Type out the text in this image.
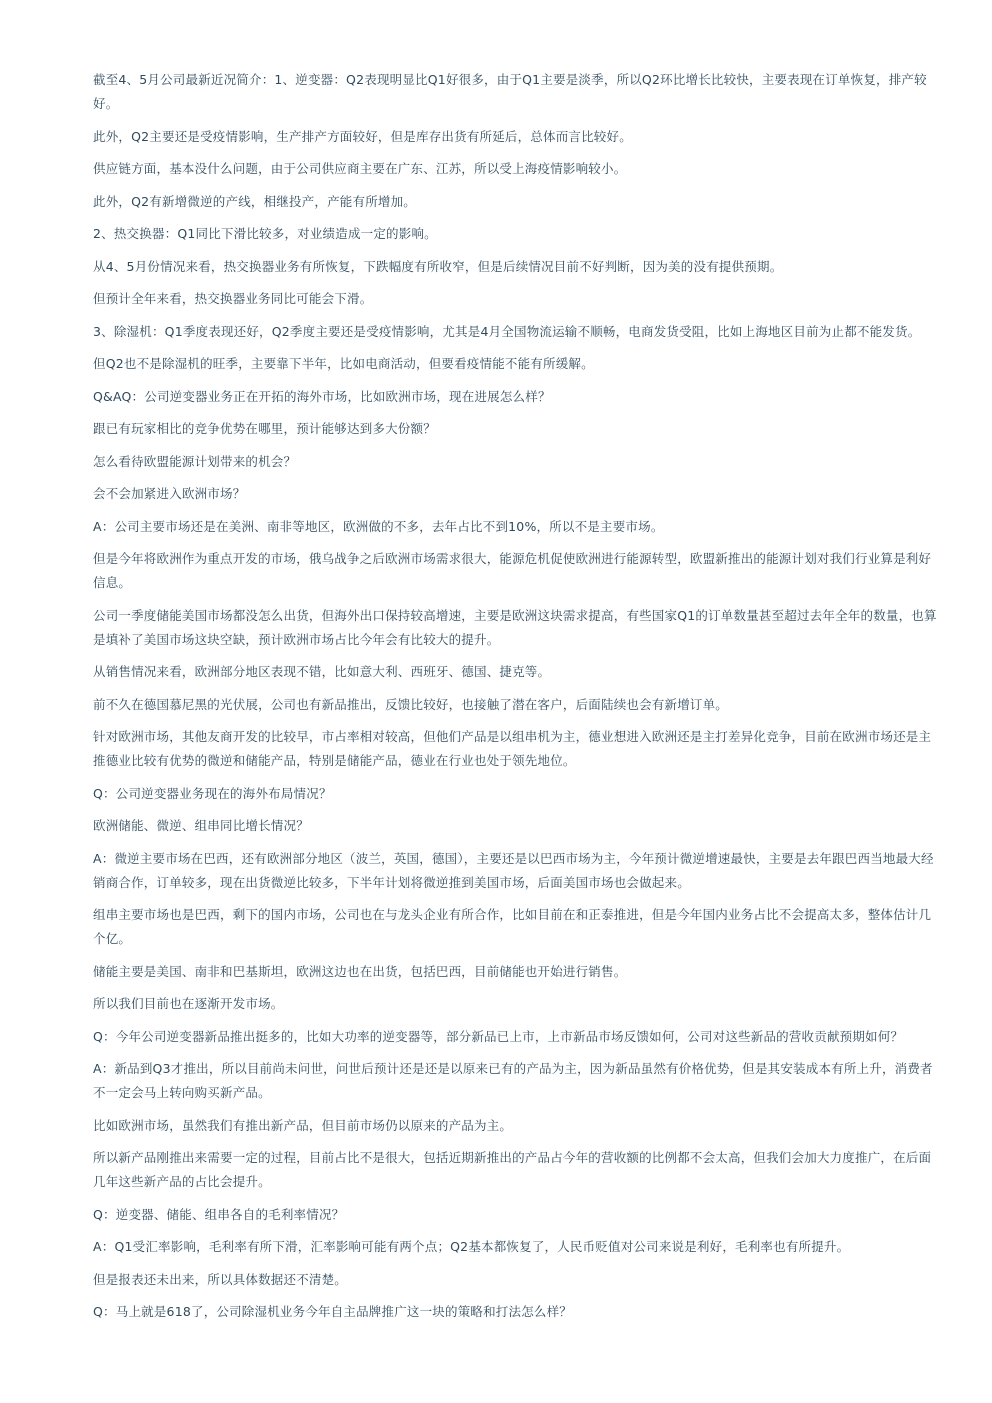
截至4、5月公司最新近况简介：1、逆变器：Q2表现明显比Q1好很多，由于Q1主要是淡季，所以Q2环比增长比较快，主要表现在订单恢复，排产较好。

此外，Q2主要还是受疫情影响，生产排产方面较好，但是库存出货有所延后，总体而言比较好。

供应链方面，基本没什么问题，由于公司供应商主要在广东、江苏，所以受上海疫情影响较小。

此外，Q2有新增微逆的产线，相继投产，产能有所增加。

2、热交换器：Q1同比下滑比较多，对业绩造成一定的影响。

从4、5月份情况来看，热交换器业务有所恢复，下跌幅度有所收窄，但是后续情况目前不好判断，因为美的没有提供预期。

但预计全年来看，热交换器业务同比可能会下滑。

3、除湿机：Q1季度表现还好，Q2季度主要还是受疫情影响，尤其是4月全国物流运输不顺畅，电商发货受阻，比如上海地区目前为止都不能发货。

但Q2也不是除湿机的旺季，主要靠下半年，比如电商活动，但要看疫情能不能有所缓解。

Q&AQ：公司逆变器业务正在开拓的海外市场，比如欧洲市场，现在进展怎么样？

跟已有玩家相比的竞争优势在哪里，预计能够达到多大份额？

怎么看待欧盟能源计划带来的机会？

会不会加紧进入欧洲市场？

A：公司主要市场还是在美洲、南非等地区，欧洲做的不多，去年占比不到10%，所以不是主要市场。

但是今年将欧洲作为重点开发的市场，俄乌战争之后欧洲市场需求很大，能源危机促使欧洲进行能源转型，欧盟新推出的能源计划对我们行业算是利好信息。

公司一季度储能美国市场都没怎么出货，但海外出口保持较高增速，主要是欧洲这块需求提高，有些国家Q1的订单数量甚至超过去年全年的数量，也算是填补了美国市场这块空缺，预计欧洲市场占比今年会有比较大的提升。

从销售情况来看，欧洲部分地区表现不错，比如意大利、西班牙、德国、捷克等。

前不久在德国慕尼黑的光伏展，公司也有新品推出，反馈比较好，也接触了潜在客户，后面陆续也会有新增订单。

针对欧洲市场，其他友商开发的比较早，市占率相对较高，但他们产品是以组串机为主，德业想进入欧洲还是主打差异化竞争，目前在欧洲市场还是主推德业比较有优势的微逆和储能产品，特别是储能产品，德业在行业也处于领先地位。

Q：公司逆变器业务现在的海外布局情况？

欧洲储能、微逆、组串同比增长情况？

A：微逆主要市场在巴西，还有欧洲部分地区（波兰，英国，德国），主要还是以巴西市场为主，今年预计微逆增速最快，主要是去年跟巴西当地最大经销商合作，订单较多，现在出货微逆比较多，下半年计划将微逆推到美国市场，后面美国市场也会做起来。

组串主要市场也是巴西，剩下的国内市场，公司也在与龙头企业有所合作，比如目前在和正泰推进，但是今年国内业务占比不会提高太多，整体估计几个亿。

储能主要是美国、南非和巴基斯坦，欧洲这边也在出货，包括巴西，目前储能也开始进行销售。

所以我们目前也在逐渐开发市场。

Q：今年公司逆变器新品推出挺多的，比如大功率的逆变器等，部分新品已上市，上市新品市场反馈如何，公司对这些新品的营收贡献预期如何？

A：新品到Q3才推出，所以目前尚未问世，问世后预计还是还是以原来已有的产品为主，因为新品虽然有价格优势，但是其安装成本有所上升，消费者不一定会马上转向购买新产品。

比如欧洲市场，虽然我们有推出新产品，但目前市场仍以原来的产品为主。

所以新产品刚推出来需要一定的过程，目前占比不是很大，包括近期新推出的产品占今年的营收额的比例都不会太高，但我们会加大力度推广，在后面几年这些新产品的占比会提升。

Q：逆变器、储能、组串各自的毛利率情况？

A：Q1受汇率影响，毛利率有所下滑，汇率影响可能有两个点；Q2基本都恢复了，人民币贬值对公司来说是利好，毛利率也有所提升。

但是报表还未出来，所以具体数据还不清楚。

Q：马上就是618了，公司除湿机业务今年自主品牌推广这一块的策略和打法怎么样？
